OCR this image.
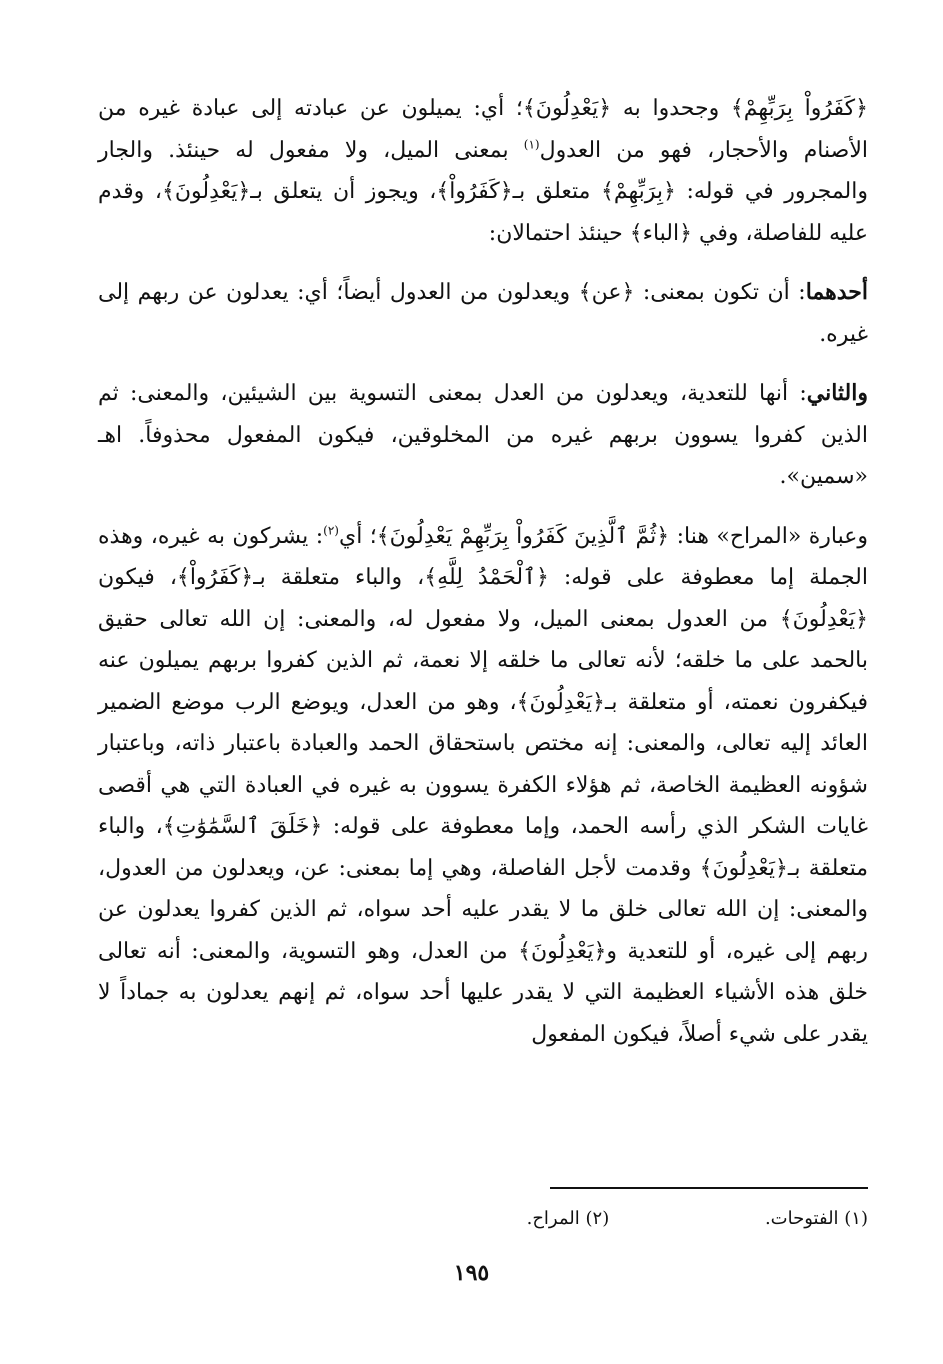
﴿كَفَرُواْ بِرَبِّهِمْ﴾ وجحدوا به ﴿يَعْدِلُونَ﴾؛ أي: يميلون عن عبادته إلى عبادة غيره من الأصنام والأحجار، فهو من العدول$^{(١)}$ بمعنى الميل، ولا مفعول له حينئذ. والجار والمجرور في قوله: ﴿بِرَبِّهِمْ﴾ متعلق بـ﴿كَفَرُواْ﴾، ويجوز أن يتعلق بـ﴿يَعْدِلُونَ﴾، وقدم عليه للفاصلة، وفي ﴿الباء﴾ حينئذ احتمالان:

أحدهما: أن تكون بمعنى: ﴿عن﴾ ويعدلون من العدول أيضاً؛ أي: يعدلون عن ربهم إلى غيره.

والثاني: أنها للتعدية، ويعدلون من العدل بمعنى التسوية بين الشيئين، والمعنى: ثم الذين كفروا يسوون بربهم غيره من المخلوقين، فيكون المفعول محذوفاً. اهـ «سمين».

وعبارة «المراح» هنا: ﴿ثُمَّ ٱلَّذِينَ كَفَرُواْ بِرَبِّهِمْ يَعْدِلُونَ﴾؛ أي$^{(٢)}$: يشركون به غيره، وهذه الجملة إما معطوفة على قوله: ﴿ٱلْحَمْدُ لِلَّهِ﴾، والباء متعلقة بـ﴿كَفَرُواْ﴾، فيكون ﴿يَعْدِلُونَ﴾ من العدول بمعنى الميل، ولا مفعول له، والمعنى: إن الله تعالى حقيق بالحمد على ما خلقه؛ لأنه تعالى ما خلقه إلا نعمة، ثم الذين كفروا بربهم يميلون عنه فيكفرون نعمته، أو متعلقة بـ﴿يَعْدِلُونَ﴾، وهو من العدل، ويوضع الرب موضع الضمير العائد إليه تعالى، والمعنى: إنه مختص باستحقاق الحمد والعبادة باعتبار ذاته، وباعتبار شؤونه العظيمة الخاصة، ثم هؤلاء الكفرة يسوون به غيره في العبادة التي هي أقصى غايات الشكر الذي رأسه الحمد، وإما معطوفة على قوله: ﴿خَلَقَ ٱلسَّمَٰوَٰتِ﴾، والباء متعلقة بـ﴿يَعْدِلُونَ﴾ وقدمت لأجل الفاصلة، وهي إما بمعنى: عن، ويعدلون من العدول، والمعنى: إن الله تعالى خلق ما لا يقدر عليه أحد سواه، ثم الذين كفروا يعدلون عن ربهم إلى غيره، أو للتعدية و﴿يَعْدِلُونَ﴾ من العدل، وهو التسوية، والمعنى: أنه تعالى خلق هذه الأشياء العظيمة التي لا يقدر عليها أحد سواه، ثم إنهم يعدلون به جماداً لا يقدر على شيء أصلاً، فيكون المفعول

(١) الفتوحات. (٢) المراح.
١٩٥
